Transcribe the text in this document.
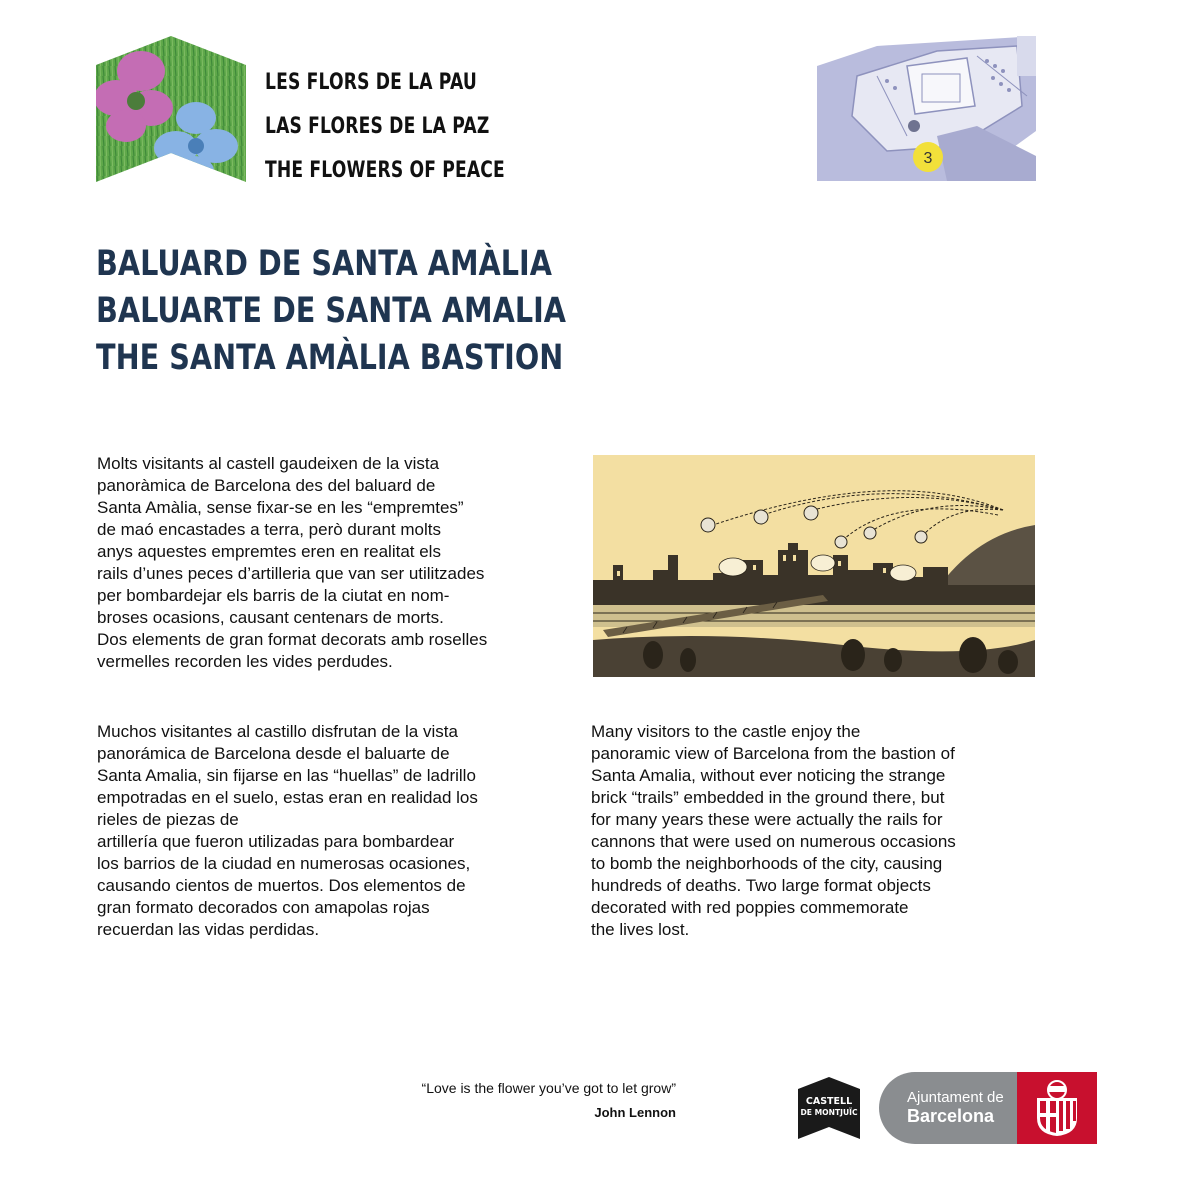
LES FLORS DE LA PAU
LAS FLORES DE LA PAZ
THE FLOWERS OF PEACE	3
BALUARD DE SANTA AMÀLIA
BALUARTE DE SANTA AMALIA
THE SANTA AMÀLIA BASTION
Molts visitants al castell gaudeixen de la vista
panoràmica de Barcelona des del baluard de
Santa Amàlia, sense fixar-se en les “empremtes”
de maó encastades a terra, però durant molts
anys aquestes empremtes eren en realitat els
rails d’unes peces d’artilleria que van ser utilitzades
per bombardejar els barris de la ciutat en nom-
broses ocasions, causant centenars de morts.
Dos elements de gran format decorats amb roselles
vermelles recorden les vides perdudes.
Muchos visitantes al castillo disfrutan de la vista
panorámica de Barcelona desde el baluarte de
Santa Amalia, sin fijarse en las “huellas” de ladrillo
empotradas en el suelo, estas eran en realidad los
rieles de piezas de
artillería que fueron utilizadas para bombardear
los barrios de la ciudad en numerosas ocasiones,
causando cientos de muertos. Dos elementos de
gran formato decorados con amapolas rojas
recuerdan las vidas perdidas.
Many visitors to the castle enjoy the
panoramic view of Barcelona from the bastion of
Santa Amalia, without ever noticing the strange
brick “trails” embedded in the ground there, but
for many years these were actually the rails for
cannons that were used on numerous occasions
to bomb the neighborhoods of the city, causing
hundreds of deaths. Two large format objects
decorated with red poppies commemorate
the lives lost.
“Love is the flower you’ve got to let grow”
John Lennon
CASTELL
DE MONTJUÏC
Ajuntament de
Barcelona
